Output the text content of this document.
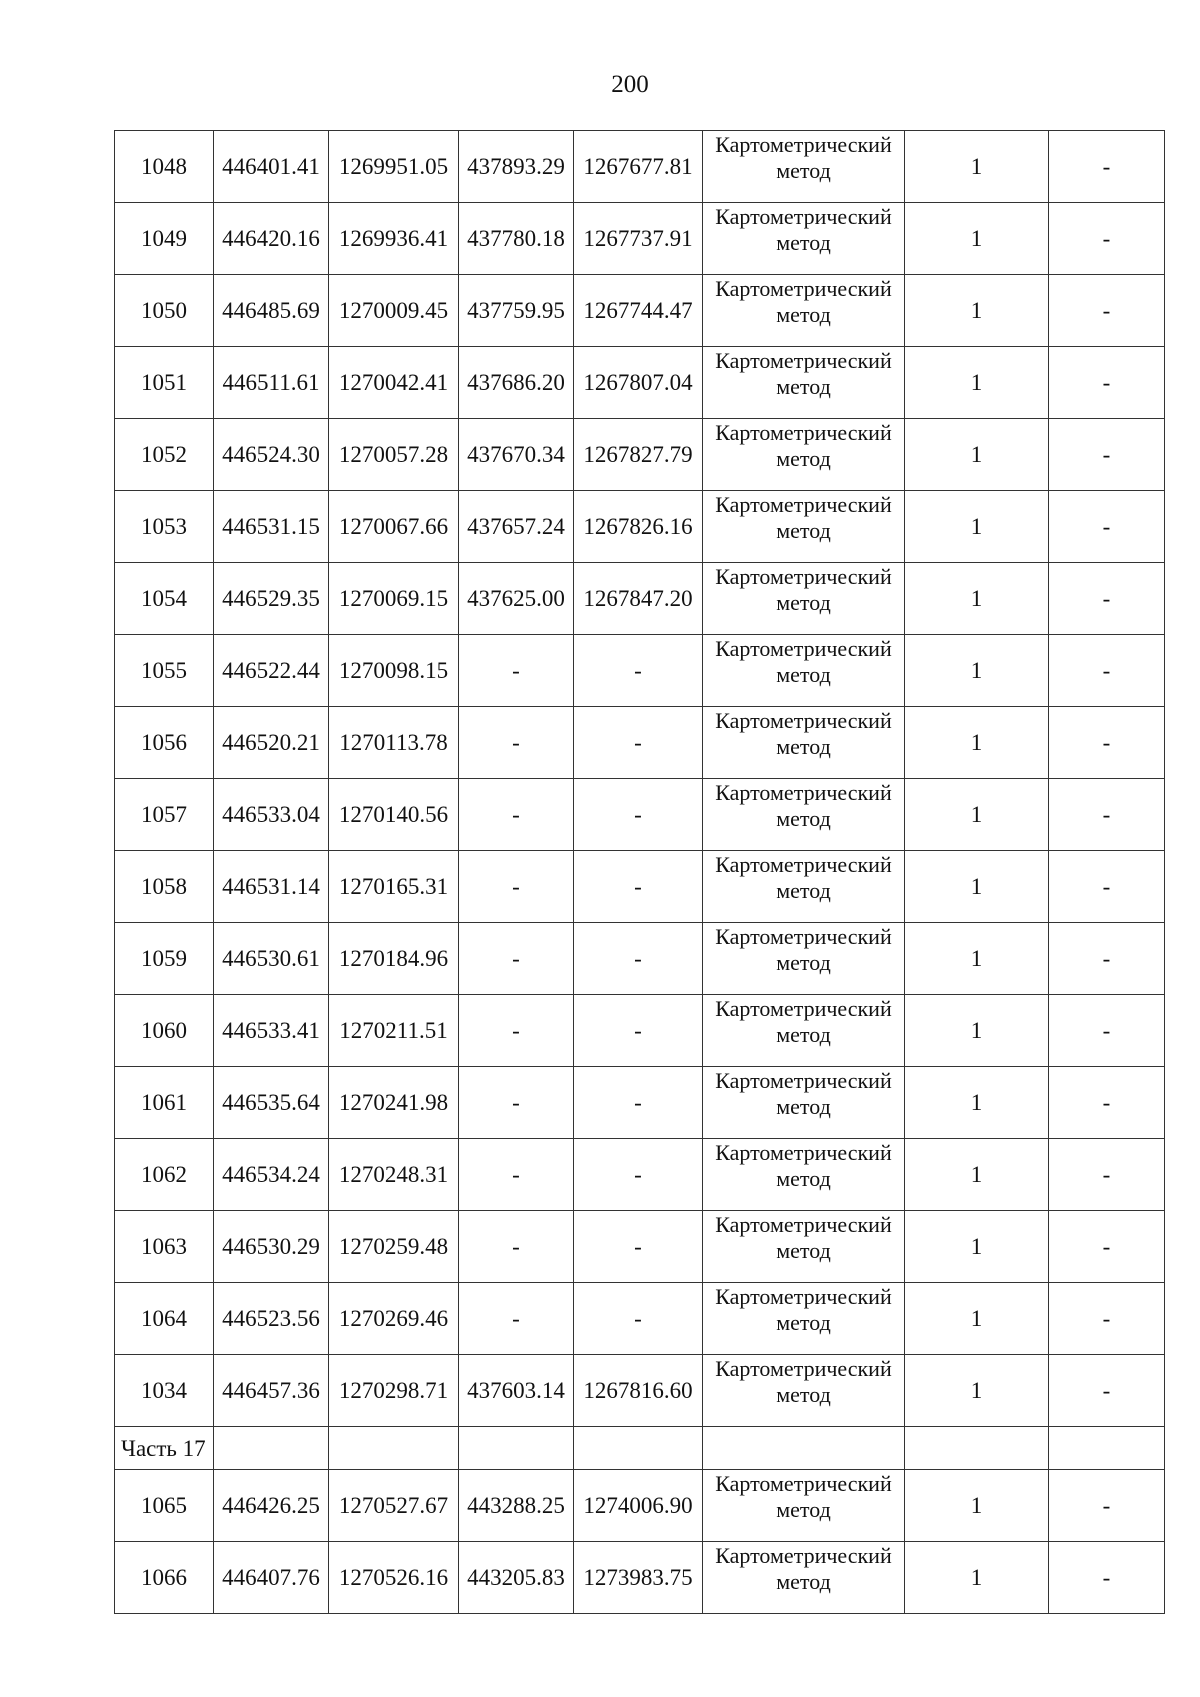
200
1048	446401.41	1269951.05	437893.29	1267677.81	Картометрический
метод	1	-
1049	446420.16	1269936.41	437780.18	1267737.91	Картометрический
метод	1	-
1050	446485.69	1270009.45	437759.95	1267744.47	Картометрический
метод	1	-
1051	446511.61	1270042.41	437686.20	1267807.04	Картометрический
метод	1	-
1052	446524.30	1270057.28	437670.34	1267827.79	Картометрический
метод	1	-
1053	446531.15	1270067.66	437657.24	1267826.16	Картометрический
метод	1	-
1054	446529.35	1270069.15	437625.00	1267847.20	Картометрический
метод	1	-
1055	446522.44	1270098.15	-	-	Картометрический
метод	1	-
1056	446520.21	1270113.78	-	-	Картометрический
метод	1	-
1057	446533.04	1270140.56	-	-	Картометрический
метод	1	-
1058	446531.14	1270165.31	-	-	Картометрический
метод	1	-
1059	446530.61	1270184.96	-	-	Картометрический
метод	1	-
1060	446533.41	1270211.51	-	-	Картометрический
метод	1	-
1061	446535.64	1270241.98	-	-	Картометрический
метод	1	-
1062	446534.24	1270248.31	-	-	Картометрический
метод	1	-
1063	446530.29	1270259.48	-	-	Картометрический
метод	1	-
1064	446523.56	1270269.46	-	-	Картометрический
метод	1	-
1034	446457.36	1270298.71	437603.14	1267816.60	Картометрический
метод	1	-
Часть 17							
1065	446426.25	1270527.67	443288.25	1274006.90	Картометрический
метод	1	-
1066	446407.76	1270526.16	443205.83	1273983.75	Картометрический
метод	1	-
